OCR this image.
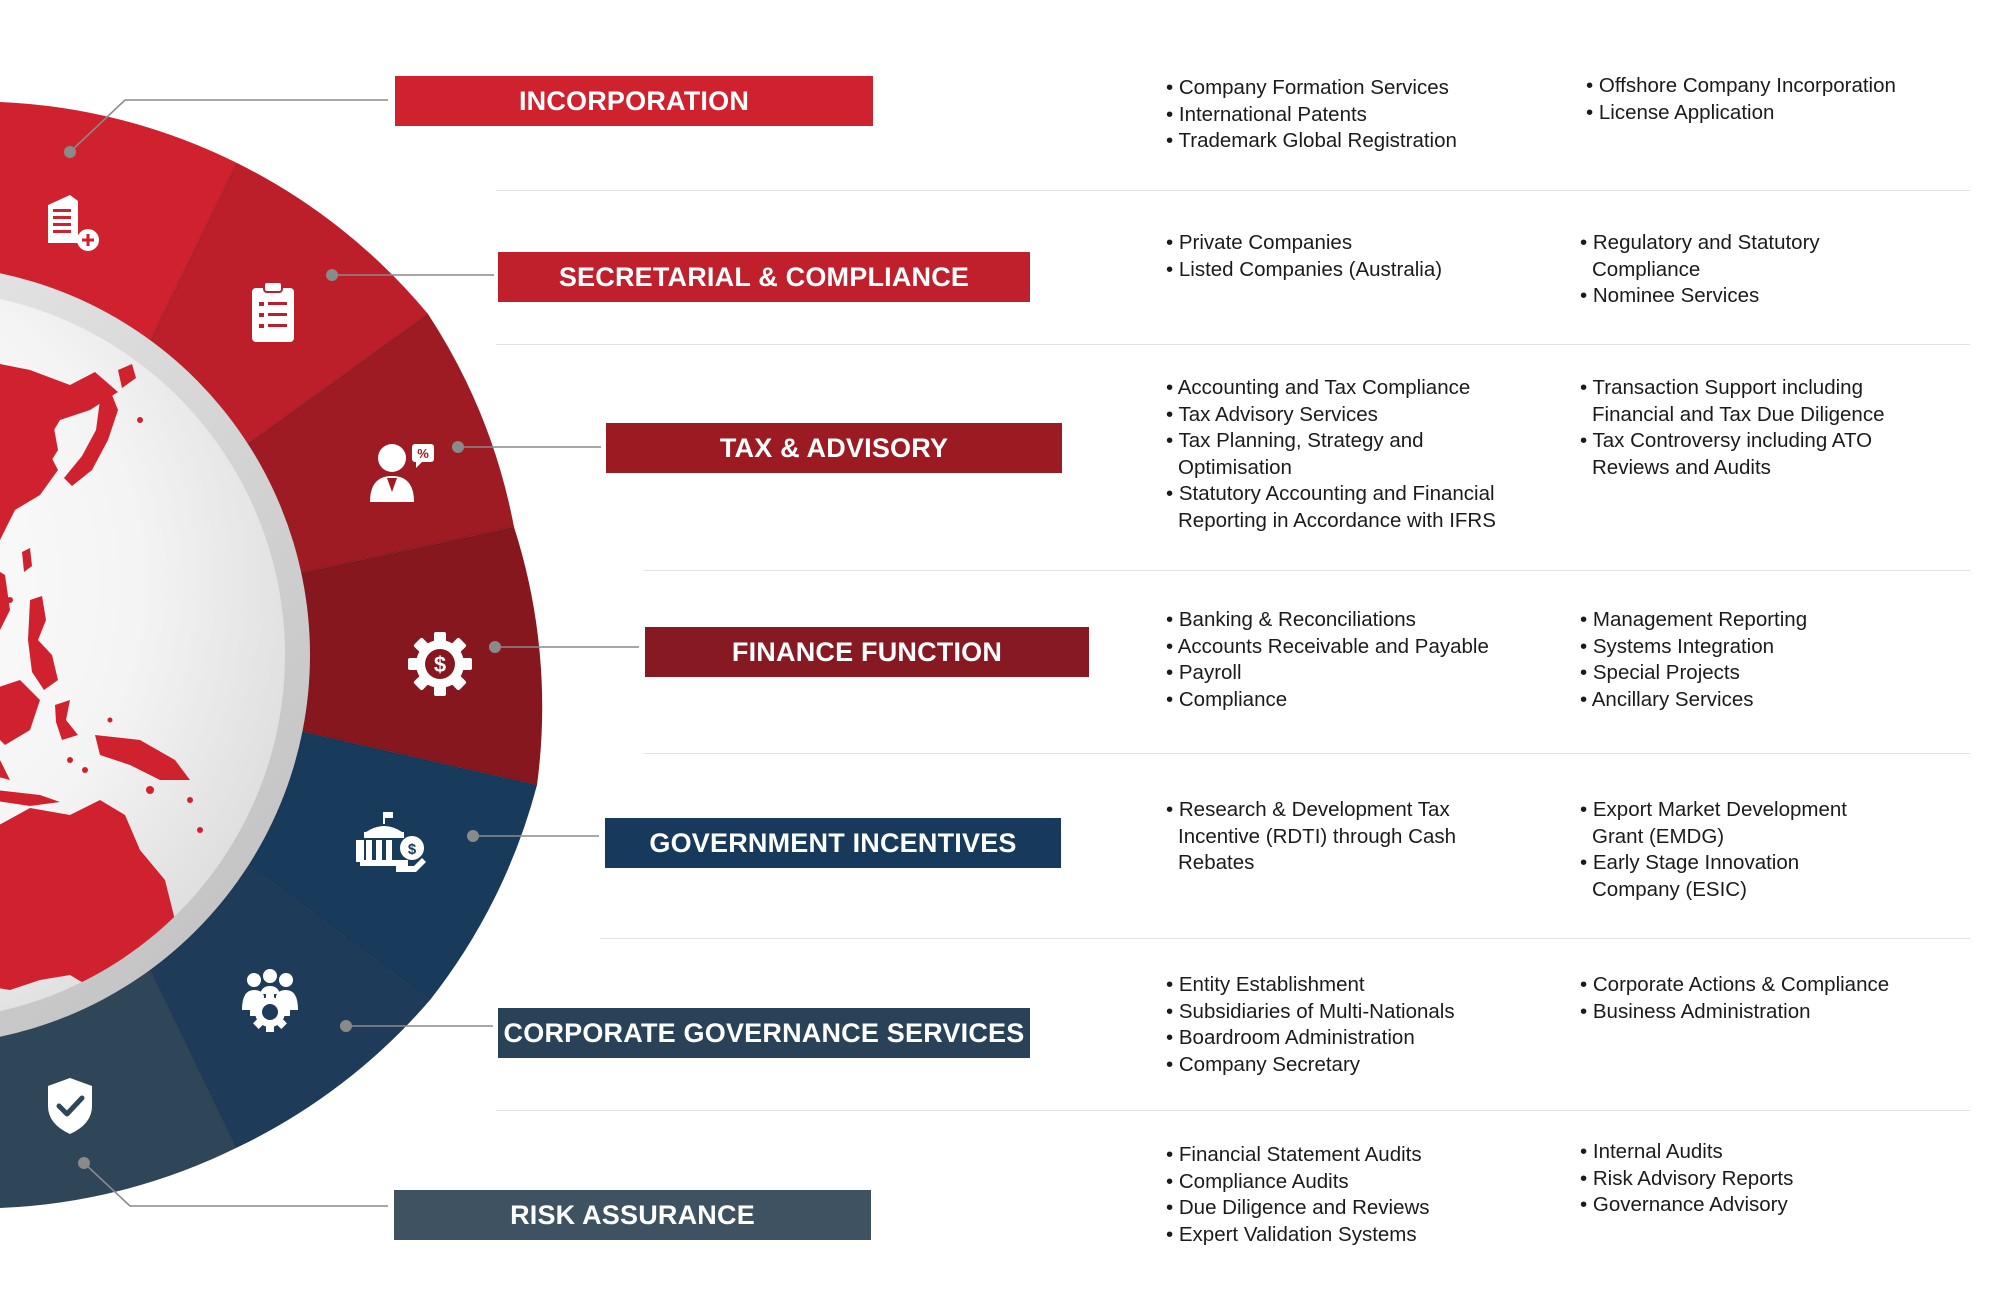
%
$
$
INCORPORATION
SECRETARIAL & COMPLIANCE
TAX & ADVISORY
FINANCE FUNCTION
GOVERNMENT INCENTIVES
CORPORATE GOVERNANCE SERVICES
RISK ASSURANCE
• Company Formation Services
• International Patents
• Trademark Global Registration
• Offshore Company Incorporation
• License Application
• Private Companies
• Listed Companies (Australia)
• Regulatory and Statutory Compliance
• Nominee Services
• Accounting and Tax Compliance
• Tax Advisory Services
• Tax Planning, Strategy and Optimisation
• Statutory Accounting and Financial Reporting in Accordance with IFRS
• Transaction Support including Financial and Tax Due Diligence
• Tax Controversy including ATO Reviews and Audits
• Banking & Reconciliations
• Accounts Receivable and Payable
• Payroll
• Compliance
• Management Reporting
• Systems Integration
• Special Projects
• Ancillary Services
• Research & Development Tax Incentive (RDTI) through Cash Rebates
• Export Market Development Grant (EMDG)
• Early Stage Innovation Company (ESIC)
• Entity Establishment
• Subsidiaries of Multi-Nationals
• Boardroom Administration
• Company Secretary
• Corporate Actions & Compliance
• Business Administration
• Financial Statement Audits
• Compliance Audits
• Due Diligence and Reviews
• Expert Validation Systems
• Internal Audits
• Risk Advisory Reports
• Governance Advisory
